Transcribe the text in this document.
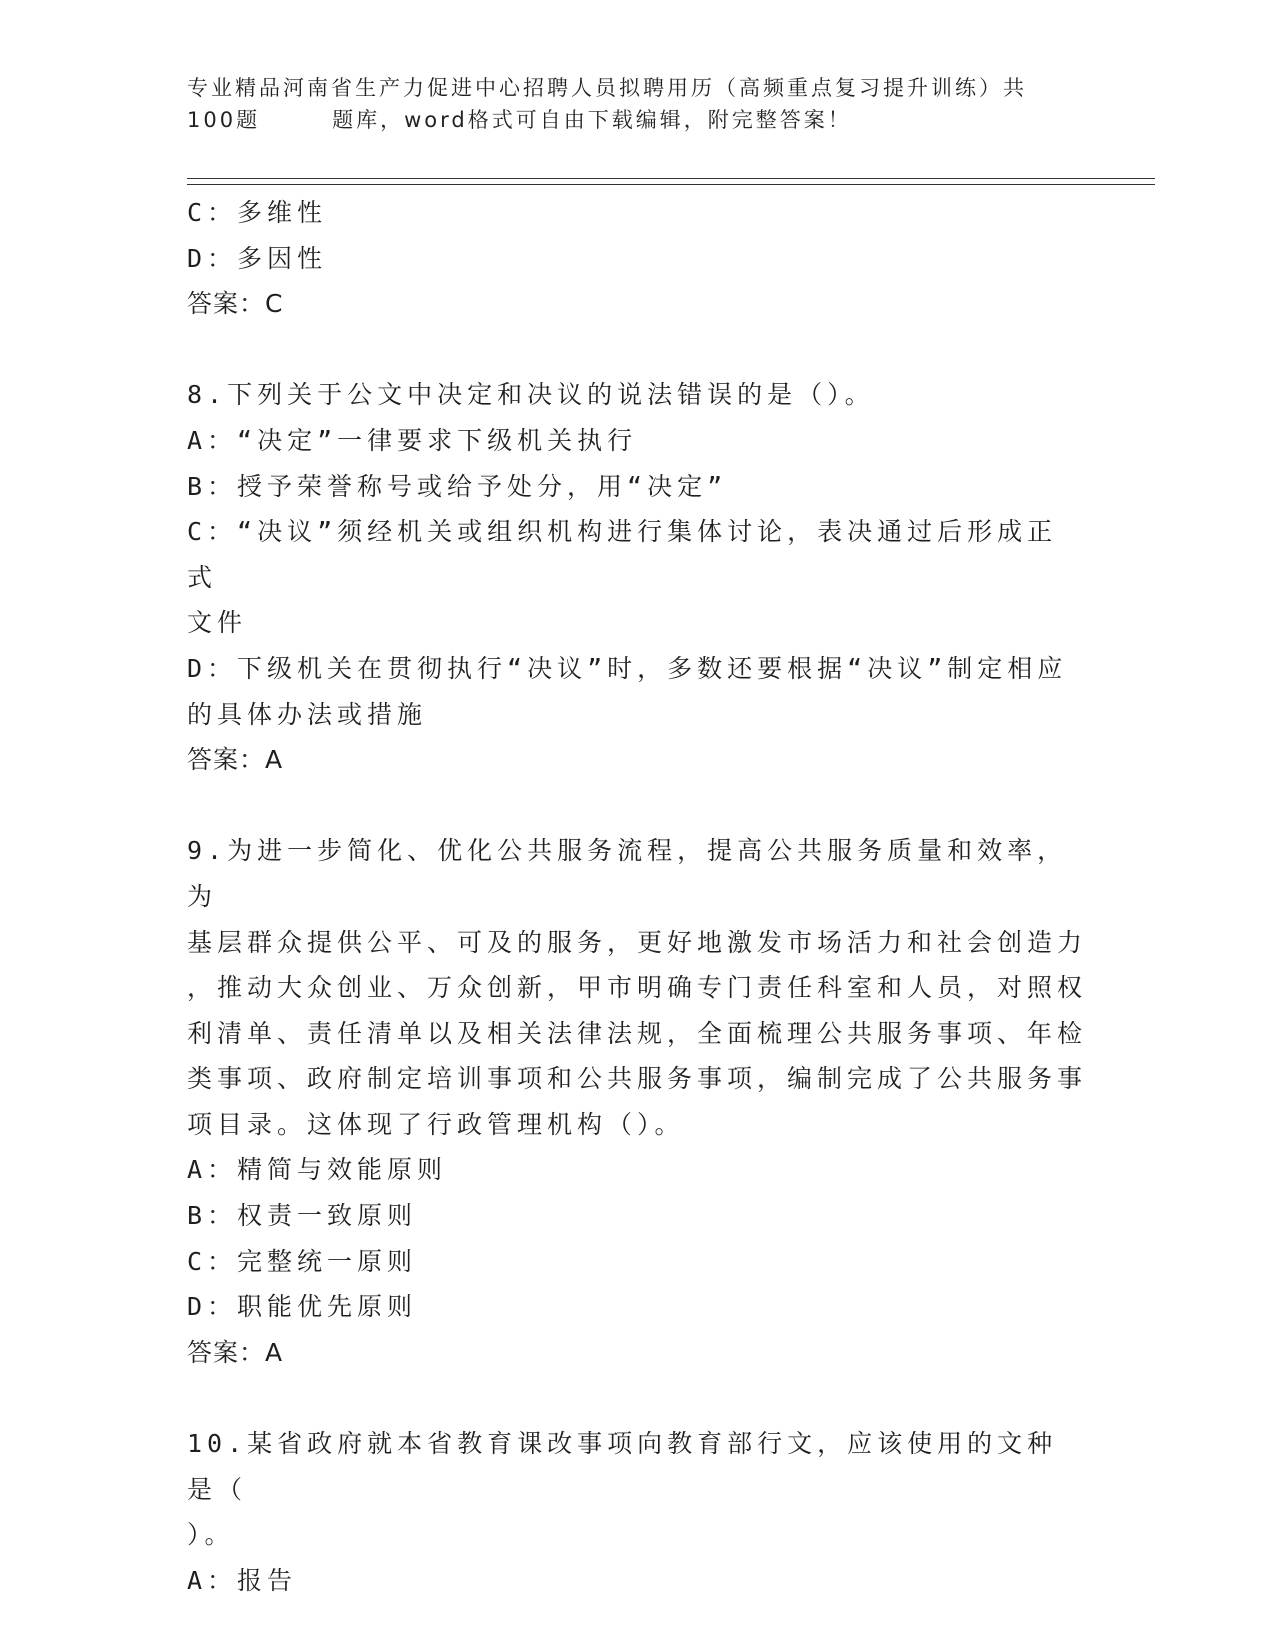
专业精品河南省生产力促进中心招聘人员拟聘用历（高频重点复习提升训练）共
100题	题库，word格式可自由下载编辑，附完整答案！

C：多维性

D：多因性

答案：C

8.下列关于公文中决定和决议的说法错误的是（）。

A：“决定”一律要求下级机关执行

B：授予荣誉称号或给予处分，用“决定”

C：“决议”须经机关或组织机构进行集体讨论，表决通过后形成正式

文件

D：下级机关在贯彻执行“决议”时，多数还要根据“决议”制定相应

的具体办法或措施

答案：A

9.为进一步简化、优化公共服务流程，提高公共服务质量和效率，为

基层群众提供公平、可及的服务，更好地激发市场活力和社会创造力

，推动大众创业、万众创新，甲市明确专门责任科室和人员，对照权

利清单、责任清单以及相关法律法规，全面梳理公共服务事项、年检

类事项、政府制定培训事项和公共服务事项，编制完成了公共服务事

项目录。这体现了行政管理机构（）。

A：精简与效能原则

B：权责一致原则

C：完整统一原则

D：职能优先原则

答案：A

10.某省政府就本省教育课改事项向教育部行文，应该使用的文种是（

）。

A：报告
